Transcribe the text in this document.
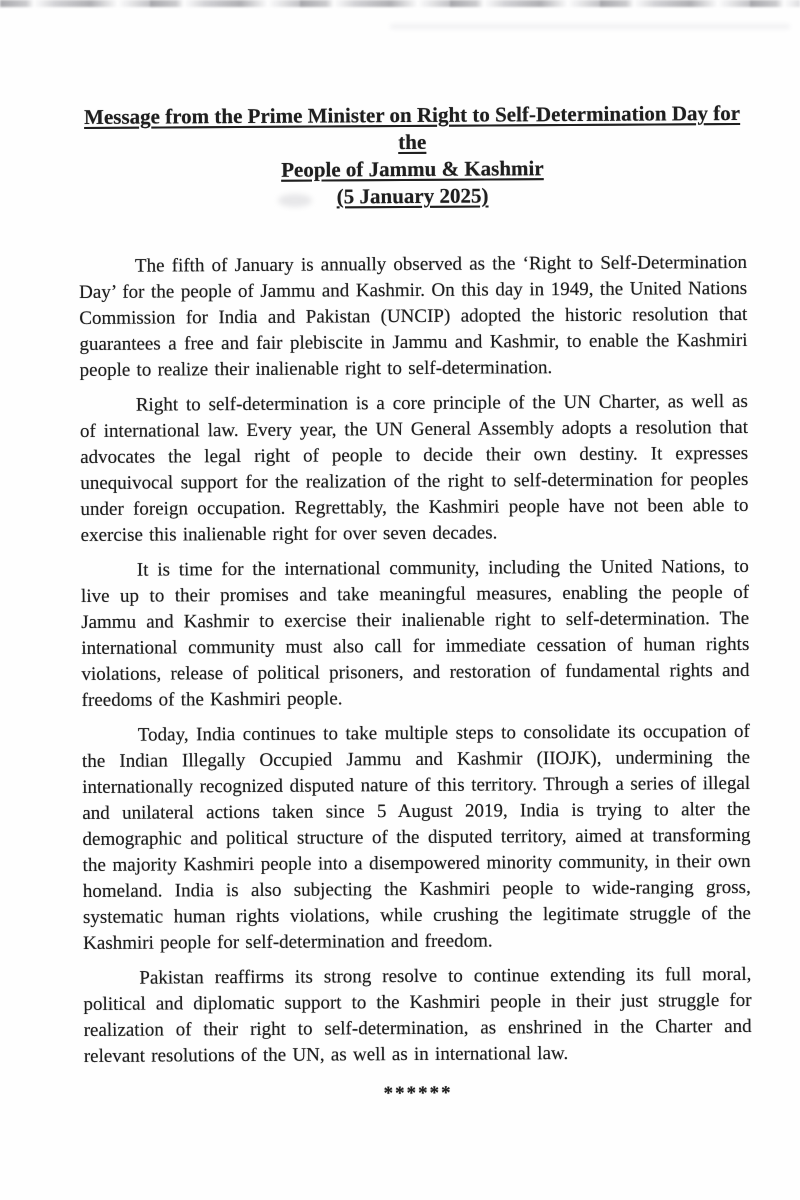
Message from the Prime Minister on Right to Self-Determination Day for the
People of Jammu & Kashmir
(5 January 2025)

The fifth of January is annually observed as the ‘Right to Self-Determination Day’ for the people of Jammu and Kashmir. On this day in 1949, the United Nations Commission for India and Pakistan (UNCIP) adopted the historic resolution that guarantees a free and fair plebiscite in Jammu and Kashmir, to enable the Kashmiri people to realize their inalienable right to self-determination.

Right to self-determination is a core principle of the UN Charter, as well as of international law. Every year, the UN General Assembly adopts a resolution that advocates the legal right of people to decide their own destiny. It expresses unequivocal support for the realization of the right to self-determination for peoples under foreign occupation. Regrettably, the Kashmiri people have not been able to exercise this inalienable right for over seven decades.

It is time for the international community, including the United Nations, to live up to their promises and take meaningful measures, enabling the people of Jammu and Kashmir to exercise their inalienable right to self-determination. The international community must also call for immediate cessation of human rights violations, release of political prisoners, and restoration of fundamental rights and freedoms of the Kashmiri people.

Today, India continues to take multiple steps to consolidate its occupation of the Indian Illegally Occupied Jammu and Kashmir (IIOJK), undermining the internationally recognized disputed nature of this territory. Through a series of illegal and unilateral actions taken since 5 August 2019, India is trying to alter the demographic and political structure of the disputed territory, aimed at transforming the majority Kashmiri people into a disempowered minority community, in their own homeland. India is also subjecting the Kashmiri people to wide-ranging gross, systematic human rights violations, while crushing the legitimate struggle of the Kashmiri people for self-determination and freedom.

Pakistan reaffirms its strong resolve to continue extending its full moral, political and diplomatic support to the Kashmiri people in their just struggle for realization of their right to self-determination, as enshrined in the Charter and relevant resolutions of the UN, as well as in international law.

******
